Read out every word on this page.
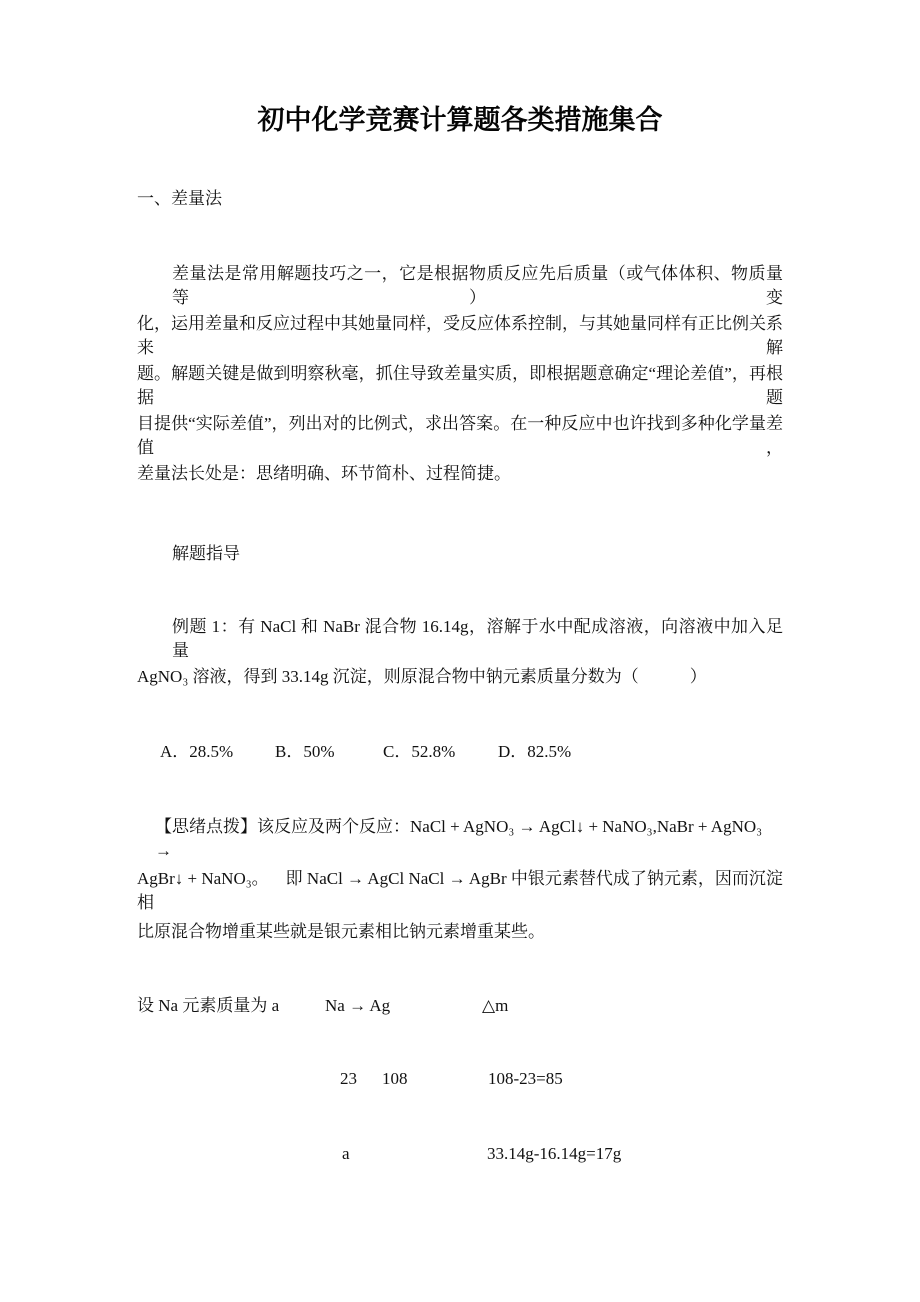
初中化学竞赛计算题各类措施集合
一、差量法
差量法是常用解题技巧之一，它是根据物质反应先后质量（或气体体积、物质量等）变
化，运用差量和反应过程中其她量同样，受反应体系控制，与其她量同样有正比例关系来解
题。解题关键是做到明察秋毫，抓住导致差量实质，即根据题意确定“理论差值”，再根据题
目提供“实际差值”，列出对的比例式，求出答案。在一种反应中也许找到多种化学量差值，
差量法长处是：思绪明确、环节简朴、过程简捷。
解题指导
例题 1：有 NaCl 和 NaBr 混合物 16.14g，溶解于水中配成溶液，向溶液中加入足量
AgNO₃ 溶液，得到 33.14g 沉淀，则原混合物中钠元素质量分数为（            ）
A．28.5% B．50%	C．52.8%	D．82.5%
【思绪点拨】该反应及两个反应：NaCl + AgNO₃ → AgCl↓ + NaNO₃,NaBr + AgNO₃ →
AgBr↓ + NaNO₃。    即 NaCl → AgCl NaCl → AgBr 中银元素替代成了钠元素，因而沉淀相
比原混合物增重某些就是银元素相比钠元素增重某些。
设 Na 元素质量为 a	Na → Ag	△m
23 108	108-23=85
a	33.14g-16.14g=17g
